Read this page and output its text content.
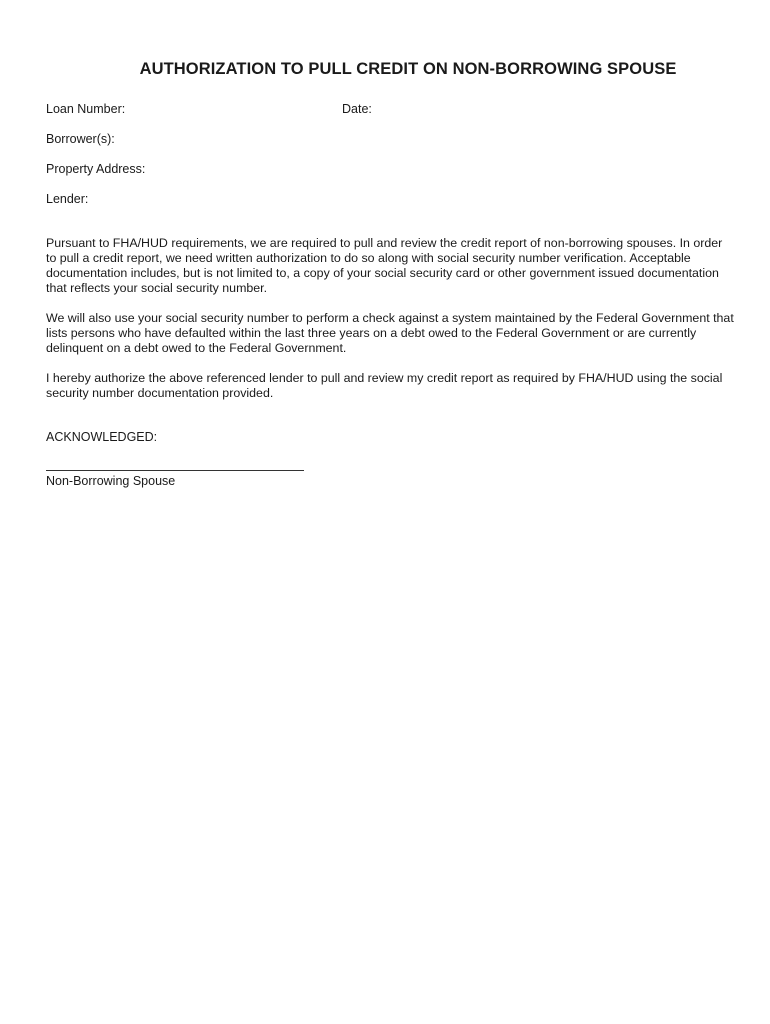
AUTHORIZATION TO PULL CREDIT ON NON-BORROWING SPOUSE
Loan Number:	Date:
Borrower(s):
Property Address:
Lender:

Pursuant to FHA/HUD requirements, we are required to pull and review the credit report of non-borrowing spouses. In order to pull a credit report, we need written authorization to do so along with social security number verification. Acceptable documentation includes, but is not limited to, a copy of your social security card or other government issued documentation that reflects your social security number.

We will also use your social security number to perform a check against a system maintained by the Federal Government that lists persons who have defaulted within the last three years on a debt owed to the Federal Government or are currently delinquent on a debt owed to the Federal Government.

I hereby authorize the above referenced lender to pull and review my credit report as required by FHA/HUD using the social security number documentation provided.

ACKNOWLEDGED:
Non-Borrowing Spouse
